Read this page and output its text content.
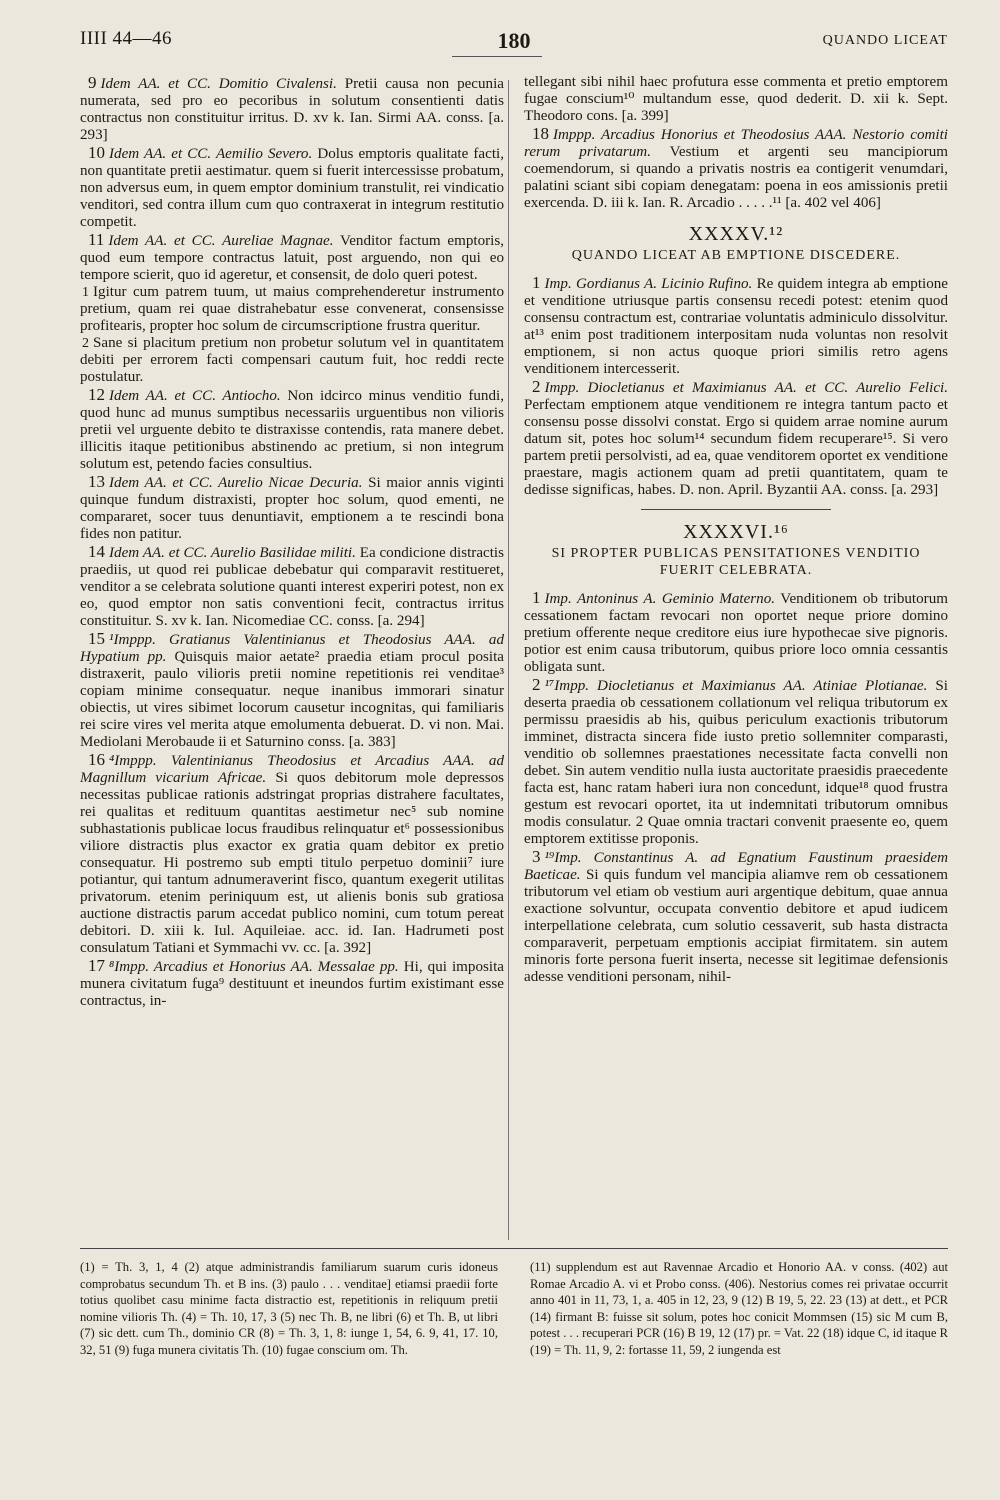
IIII 44—46	180	QUANDO LICEAT

9 Idem AA. et CC. Domitio Civalensi. Pretii causa non pecunia numerata, sed pro eo pecoribus in solutum consentienti datis contractus non constituitur irritus. D. xv k. Ian. Sirmi AA. conss. [a. 293]

10 Idem AA. et CC. Aemilio Severo. Dolus emptoris qualitate facti, non quantitate pretii aestimatur. quem si fuerit intercessisse probatum, non adversus eum, in quem emptor dominium transtulit, rei vindicatio venditori, sed contra illum cum quo contraxerat in integrum restitutio competit.

11 Idem AA. et CC. Aureliae Magnae. Venditor factum emptoris, quod eum tempore contractus latuit, post arguendo, non qui eo tempore scierit, quo id ageretur, et consensit, de dolo queri potest.

1 Igitur cum patrem tuum, ut maius comprehenderetur instrumento pretium, quam rei quae distrahebatur esse convenerat, consensisse profitearis, propter hoc solum de circumscriptione frustra queritur.

2 Sane si placitum pretium non probetur solutum vel in quantitatem debiti per errorem facti compensari cautum fuit, hoc reddi recte postulatur.

12 Idem AA. et CC. Antiocho. Non idcirco minus venditio fundi, quod hunc ad munus sumptibus necessariis urguentibus non vilioris pretii vel urguente debito te distraxisse contendis, rata manere debet. illicitis itaque petitionibus abstinendo ac pretium, si non integrum solutum est, petendo facies consultius.

13 Idem AA. et CC. Aurelio Nicae Decuria. Si maior annis viginti quinque fundum distraxisti, propter hoc solum, quod ementi, ne compararet, socer tuus denuntiavit, emptionem a te rescindi bona fides non patitur.

14 Idem AA. et CC. Aurelio Basilidae militi. Ea condicione distractis praediis, ut quod rei publicae debebatur qui comparavit restitueret, venditor a se celebrata solutione quanti interest experiri potest, non ex eo, quod emptor non satis conventioni fecit, contractus irritus constituitur. S. xv k. Ian. Nicomediae CC. conss. [a. 294]

15 ¹Imppp. Gratianus Valentinianus et Theodosius AAA. ad Hypatium pp. Quisquis maior aetate² praedia etiam procul posita distraxerit, paulo vilioris pretii nomine repetitionis rei venditae³ copiam minime consequatur. neque inanibus immorari sinatur obiectis, ut vires sibimet locorum causetur incognitas, qui familiaris rei scire vires vel merita atque emolumenta debuerat. D. vi non. Mai. Mediolani Merobaude ii et Saturnino conss. [a. 383]

16 ⁴Imppp. Valentinianus Theodosius et Arcadius AAA. ad Magnillum vicarium Africae. Si quos debitorum mole depressos necessitas publicae rationis adstringat proprias distrahere facultates, rei qualitas et redituum quantitas aestimetur nec⁵ sub nomine subhastationis publicae locus fraudibus relinquatur et⁶ possessionibus viliore distractis plus exactor ex gratia quam debitor ex pretio consequatur. Hi postremo sub empti titulo perpetuo dominii⁷ iure potiantur, qui tantum adnumeraverint fisco, quantum exegerit utilitas privatorum. etenim periniquum est, ut alienis bonis sub gratiosa auctione distractis parum accedat publico nomini, cum totum pereat debitori. D. xiii k. Iul. Aquileiae. acc. id. Ian. Hadrumeti post consulatum Tatiani et Symmachi vv. cc. [a. 392]

17 ⁸Impp. Arcadius et Honorius AA. Messalae pp. Hi, qui imposita munera civitatum fuga⁹ destituunt et ineundos furtim existimant esse contractus, in-

tellegant sibi nihil haec profutura esse commenta et pretio emptorem fugae conscium¹⁰ multandum esse, quod dederit. D. xii k. Sept. Theodoro cons. [a. 399]

18 Imppp. Arcadius Honorius et Theodosius AAA. Nestorio comiti rerum privatarum. Vestium et argenti seu mancipiorum coemendorum, si quando a privatis nostris ea contigerit venumdari, palatini sciant sibi copiam denegatam: poena in eos amissionis pretii exercenda. D. iii k. Ian. R. Arcadio . . . . .¹¹ [a. 402 vel 406]

XXXXV.¹²
QUANDO LICEAT AB EMPTIONE DISCEDERE.

1 Imp. Gordianus A. Licinio Rufino. Re quidem integra ab emptione et venditione utriusque partis consensu recedi potest: etenim quod consensu contractum est, contrariae voluntatis adminiculo dissolvitur. at¹³ enim post traditionem interpositam nuda voluntas non resolvit emptionem, si non actus quoque priori similis retro agens venditionem intercesserit.

2 Impp. Diocletianus et Maximianus AA. et CC. Aurelio Felici. Perfectam emptionem atque venditionem re integra tantum pacto et consensu posse dissolvi constat. Ergo si quidem arrae nomine aurum datum sit, potes hoc solum¹⁴ secundum fidem recuperare¹⁵. Si vero partem pretii persolvisti, ad ea, quae venditorem oportet ex venditione praestare, magis actionem quam ad pretii quantitatem, quam te dedisse significas, habes. D. non. April. Byzantii AA. conss. [a. 293]

XXXXVI.¹⁶
SI PROPTER PUBLICAS PENSITATIONES VENDITIO FUERIT CELEBRATA.

1 Imp. Antoninus A. Geminio Materno. Venditionem ob tributorum cessationem factam revocari non oportet neque priore domino pretium offerente neque creditore eius iure hypothecae sive pignoris. potior est enim causa tributorum, quibus priore loco omnia cessantis obligata sunt.

2 ¹⁷Impp. Diocletianus et Maximianus AA. Atiniae Plotianae. Si deserta praedia ob cessationem collationum vel reliqua tributorum ex permissu praesidis ab his, quibus periculum exactionis tributorum imminet, distracta sincera fide iusto pretio sollemniter comparasti, venditio ob sollemnes praestationes necessitate facta convelli non debet. Sin autem venditio nulla iusta auctoritate praesidis praecedente facta est, hanc ratam haberi iura non concedunt, idque¹⁸ quod frustra gestum est revocari oportet, ita ut indemnitati tributorum omnibus modis consulatur. 2 Quae omnia tractari convenit praesente eo, quem emptorem extitisse proponis.

3 ¹⁹Imp. Constantinus A. ad Egnatium Faustinum praesidem Baeticae. Si quis fundum vel mancipia aliamve rem ob cessationem tributorum vel etiam ob vestium auri argentique debitum, quae annua exactione solvuntur, occupata conventio debitore et apud iudicem interpellatione celebrata, cum solutio cessaverit, sub hasta distracta comparaverit, perpetuam emptionis accipiat firmitatem. sin autem minoris forte persona fuerit inserta, necesse sit legitimae defensionis adesse venditioni personam, nihil-

(1) = Th. 3, 1, 4 (2) atque administrandis familiarum suarum curis idoneus comprobatus secundum Th. et B ins. (3) paulo . . . venditae] etiamsi praedii forte totius quolibet casu minime facta distractio est, repetitionis in reliquum pretii nomine vilioris Th. (4) = Th. 10, 17, 3 (5) nec Th. B, ne libri (6) et Th. B, ut libri (7) sic dett. cum Th., dominio CR (8) = Th. 3, 1, 8: iunge 1, 54, 6. 9, 41, 17. 10, 32, 51 (9) fuga munera civitatis Th. (10) fugae conscium om. Th.
(11) supplendum est aut Ravennae Arcadio et Honorio AA. v conss. (402) aut Romae Arcadio A. vi et Probo conss. (406). Nestorius comes rei privatae occurrit anno 401 in 11, 73, 1, a. 405 in 12, 23, 9 (12) B 19, 5, 22. 23 (13) at dett., et PCR (14) firmant B: fuisse sit solum, potes hoc conicit Mommsen (15) sic M cum B, potest . . . recuperari PCR (16) B 19, 12 (17) pr. = Vat. 22 (18) idque C, id itaque R (19) = Th. 11, 9, 2: fortasse 11, 59, 2 iungenda est
